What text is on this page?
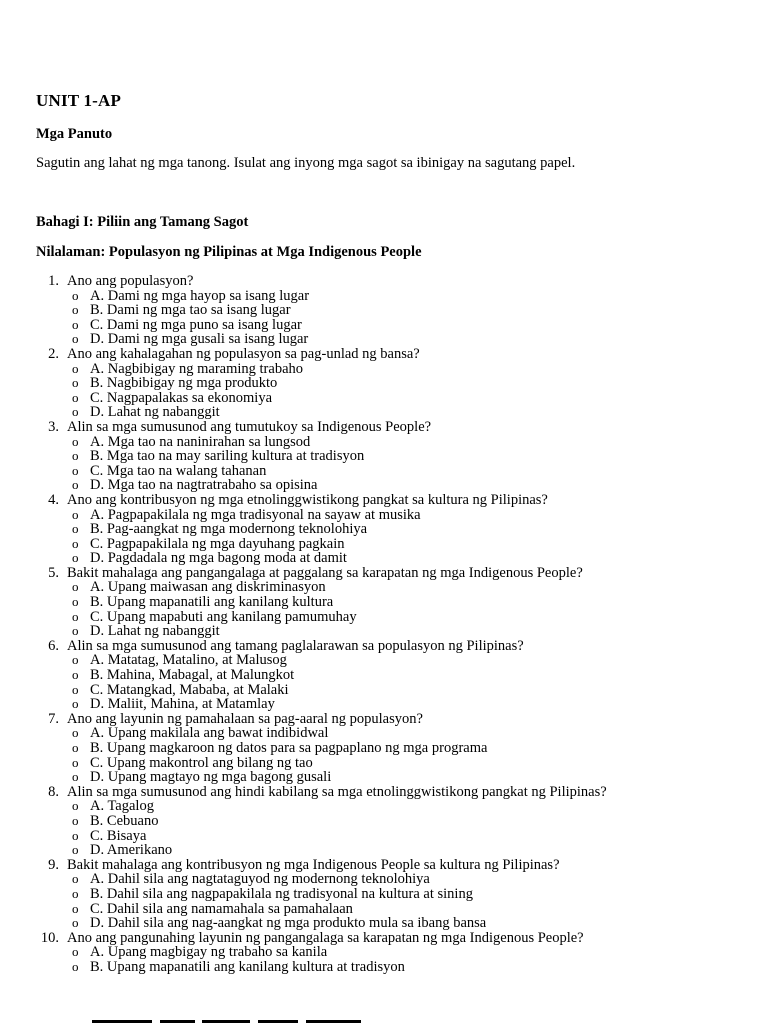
UNIT 1-AP
Mga Panuto
Sagutin ang lahat ng mga tanong. Isulat ang inyong mga sagot sa ibinigay na sagutang papel.
Bahagi I: Piliin ang Tamang Sagot
Nilalaman: Populasyon ng Pilipinas at Mga Indigenous People
1. Ano ang populasyon?
o A. Dami ng mga hayop sa isang lugar
o B. Dami ng mga tao sa isang lugar
o C. Dami ng mga puno sa isang lugar
o D. Dami ng mga gusali sa isang lugar
2. Ano ang kahalagahan ng populasyon sa pag-unlad ng bansa?
o A. Nagbibigay ng maraming trabaho
o B. Nagbibigay ng mga produkto
o C. Nagpapalakas sa ekonomiya
o D. Lahat ng nabanggit
3. Alin sa mga sumusunod ang tumutukoy sa Indigenous People?
o A. Mga tao na naninirahan sa lungsod
o B. Mga tao na may sariling kultura at tradisyon
o C. Mga tao na walang tahanan
o D. Mga tao na nagtratrabaho sa opisina
4. Ano ang kontribusyon ng mga etnolinggwistikong pangkat sa kultura ng Pilipinas?
o A. Pagpapakilala ng mga tradisyonal na sayaw at musika
o B. Pag-aangkat ng mga modernong teknolohiya
o C. Pagpapakilala ng mga dayuhang pagkain
o D. Pagdadala ng mga bagong moda at damit
5. Bakit mahalaga ang pangangalaga at paggalang sa karapatan ng mga Indigenous People?
o A. Upang maiwasan ang diskriminasyon
o B. Upang mapanatili ang kanilang kultura
o C. Upang mapabuti ang kanilang pamumuhay
o D. Lahat ng nabanggit
6. Alin sa mga sumusunod ang tamang paglalarawan sa populasyon ng Pilipinas?
o A. Matatag, Matalino, at Malusog
o B. Mahina, Mabagal, at Malungkot
o C. Matangkad, Mababa, at Malaki
o D. Maliit, Mahina, at Matamlay
7. Ano ang layunin ng pamahalaan sa pag-aaral ng populasyon?
o A. Upang makilala ang bawat indibidwal
o B. Upang magkaroon ng datos para sa pagpaplano ng mga programa
o C. Upang makontrol ang bilang ng tao
o D. Upang magtayo ng mga bagong gusali
8. Alin sa mga sumusunod ang hindi kabilang sa mga etnolinggwistikong pangkat ng Pilipinas?
o A. Tagalog
o B. Cebuano
o C. Bisaya
o D. Amerikano
9. Bakit mahalaga ang kontribusyon ng mga Indigenous People sa kultura ng Pilipinas?
o A. Dahil sila ang nagtataguyod ng modernong teknolohiya
o B. Dahil sila ang nagpapakilala ng tradisyonal na kultura at sining
o C. Dahil sila ang namamahala sa pamahalaan
o D. Dahil sila ang nag-aangkat ng mga produkto mula sa ibang bansa
10. Ano ang pangunahing layunin ng pangangalaga sa karapatan ng mga Indigenous People?
o A. Upang magbigay ng trabaho sa kanila
o B. Upang mapanatili ang kanilang kultura at tradisyon
